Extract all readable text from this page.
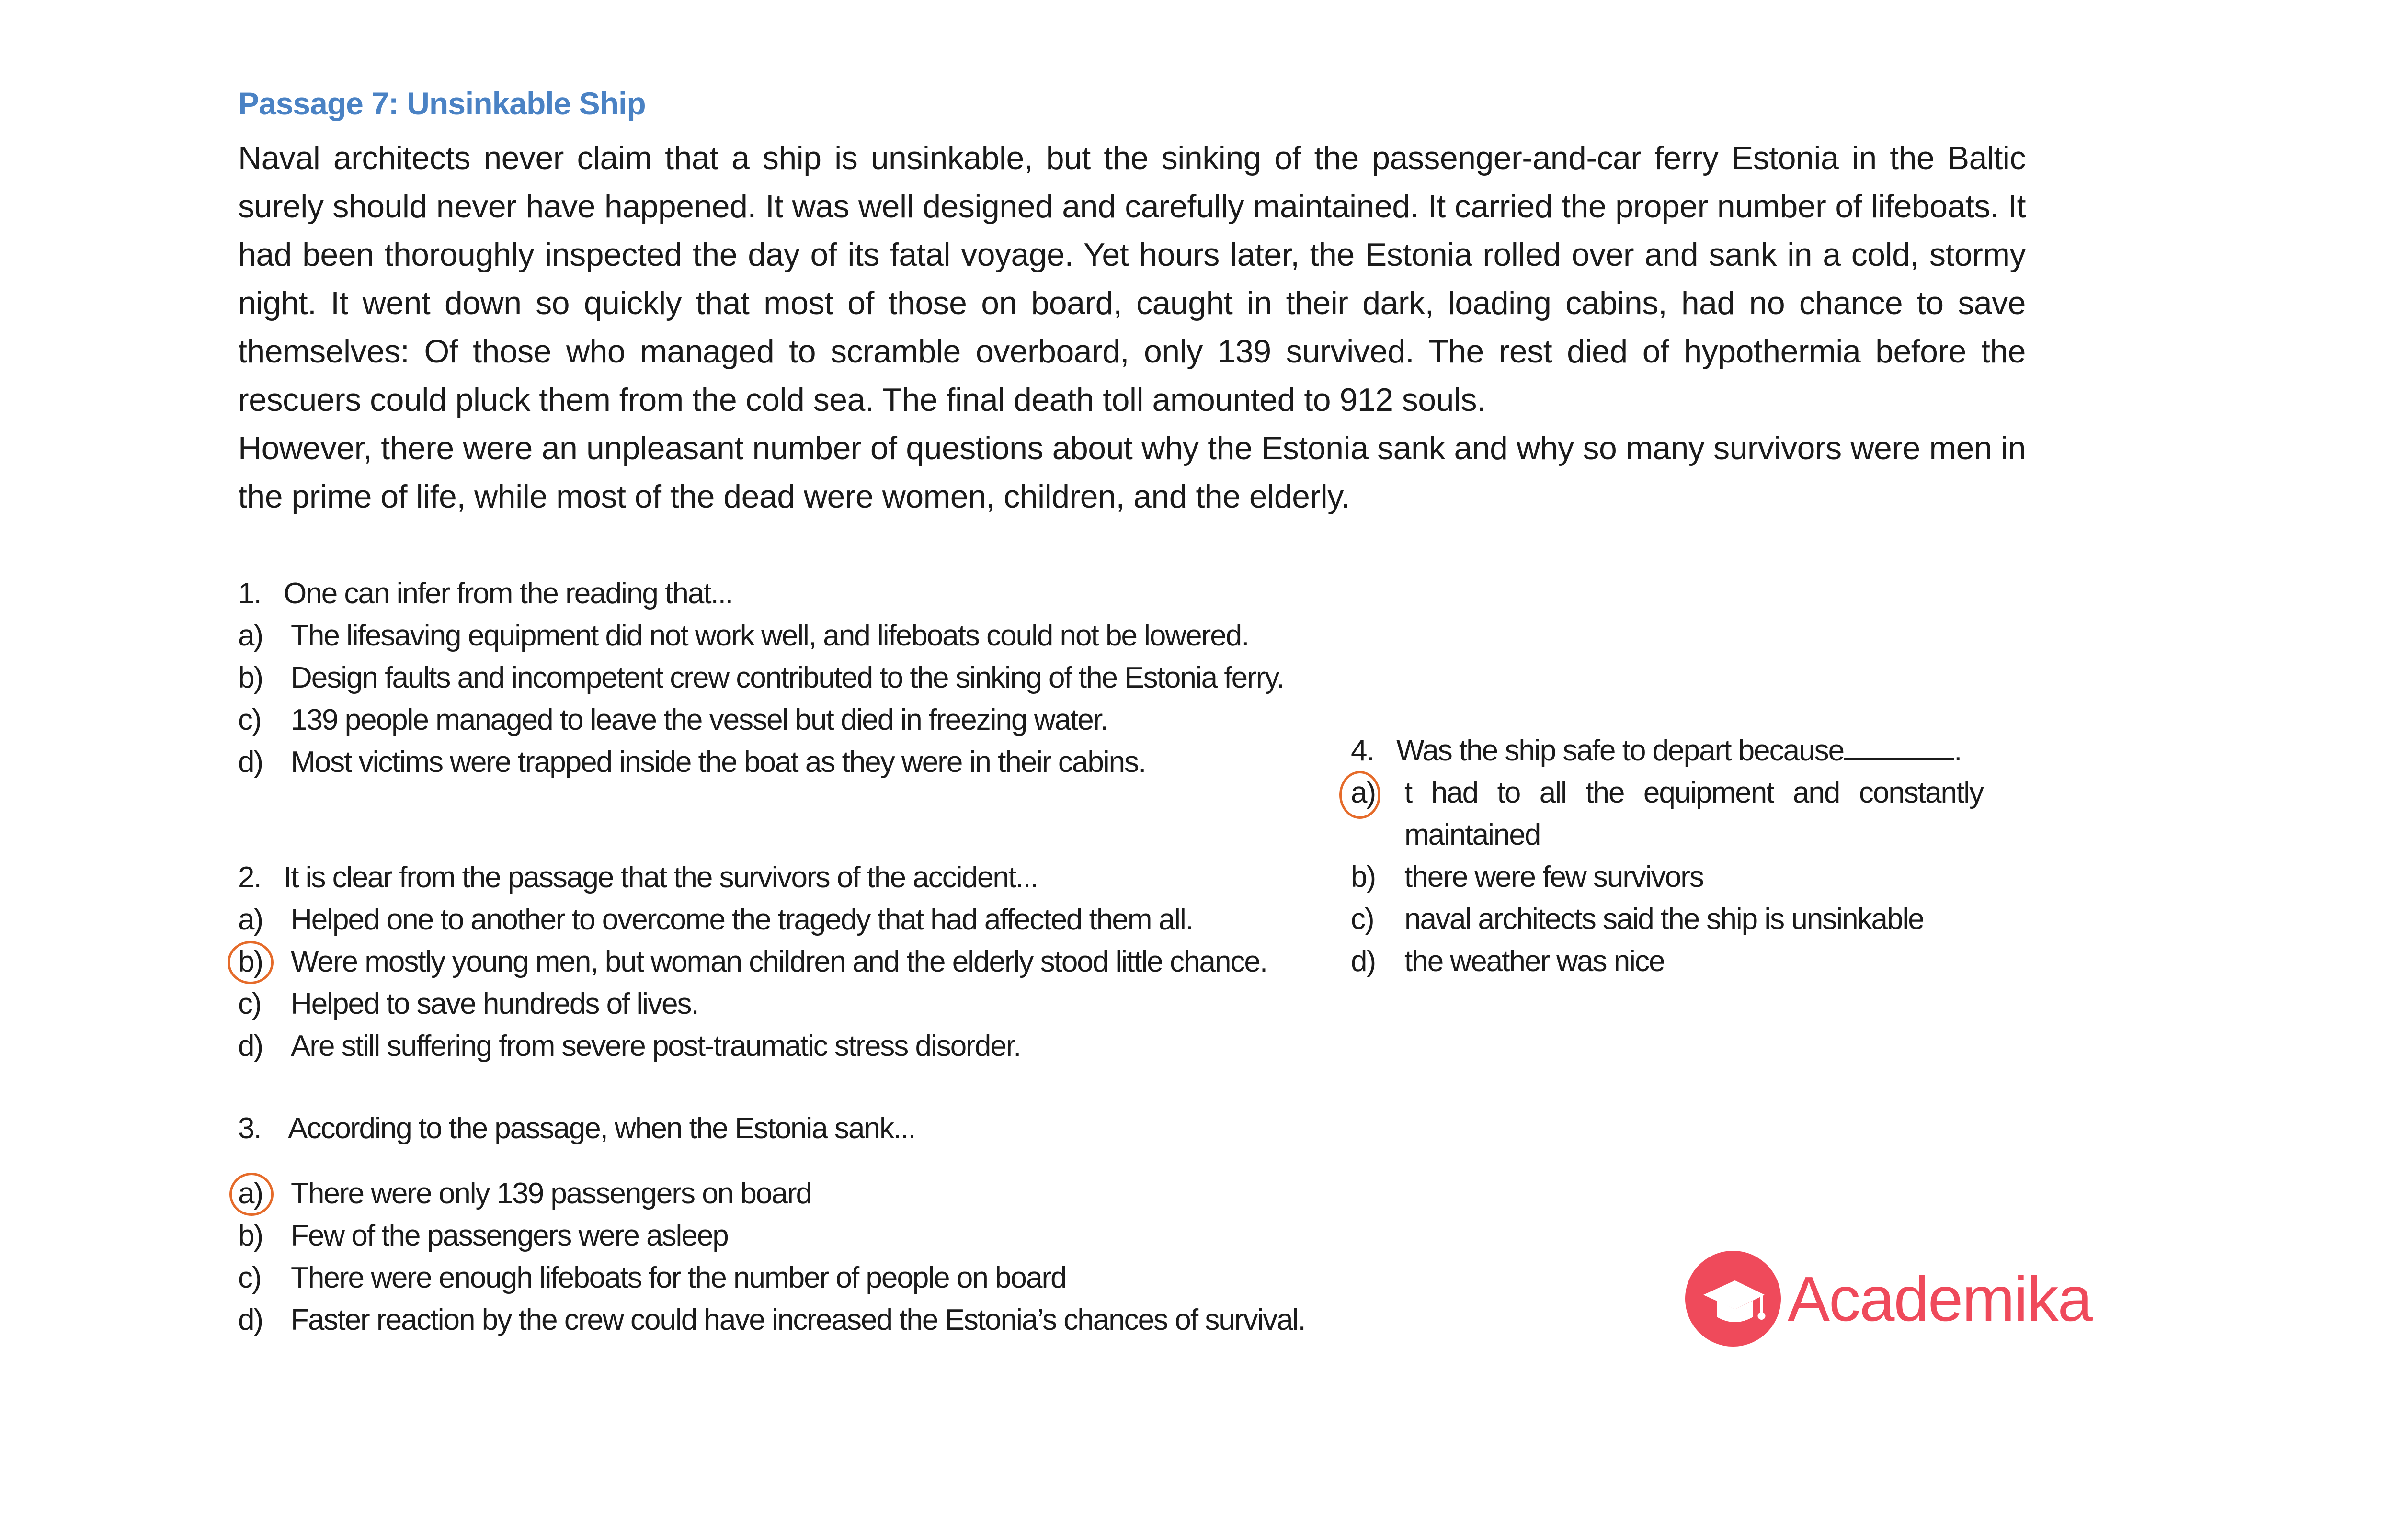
Passage 7: Unsinkable Ship

Naval architects never claim that a ship is unsinkable, but the sinking of the passenger-and-car ferry Estonia in the Baltic surely should never have happened. It was well designed and carefully maintained. It carried the proper number of lifeboats. It had been thoroughly inspected the day of its fatal voyage. Yet hours later, the Estonia rolled over and sank in a cold, stormy night. It went down so quickly that most of those on board, caught in their dark, loading cabins, had no chance to save themselves: Of those who managed to scramble overboard, only 139 survived. The rest died of hypothermia before the rescuers could pluck them from the cold sea. The final death toll amounted to 912 souls.

However, there were an unpleasant number of questions about why the Estonia sank and why so many survivors were men in the prime of life, while most of the dead were women, children, and the elderly.

1. One can infer from the reading that...
a) The lifesaving equipment did not work well, and lifeboats could not be lowered.
b) Design faults and incompetent crew contributed to the sinking of the Estonia ferry.
c) 139 people managed to leave the vessel but died in freezing water.
d) Most victims were trapped inside the boat as they were in their cabins.
2. It is clear from the passage that the survivors of the accident...
a) Helped one to another to overcome the tragedy that had affected them all.
b) Were mostly young men, but woman children and the elderly stood little chance.
c) Helped to save hundreds of lives.
d) Are still suffering from severe post-traumatic stress disorder.
3. According to the passage, when the Estonia sank...
a) There were only 139 passengers on board
b) Few of the passengers were asleep
c) There were enough lifeboats for the number of people on board
d) Faster reaction by the crew could have increased the Estonia’s chances of survival.
4. Was the ship safe to depart because	.
a) t had to all the equipment and constantly maintained
b) there were few survivors
c) naval architects said the ship is unsinkable
d) the weather was nice
Academika
